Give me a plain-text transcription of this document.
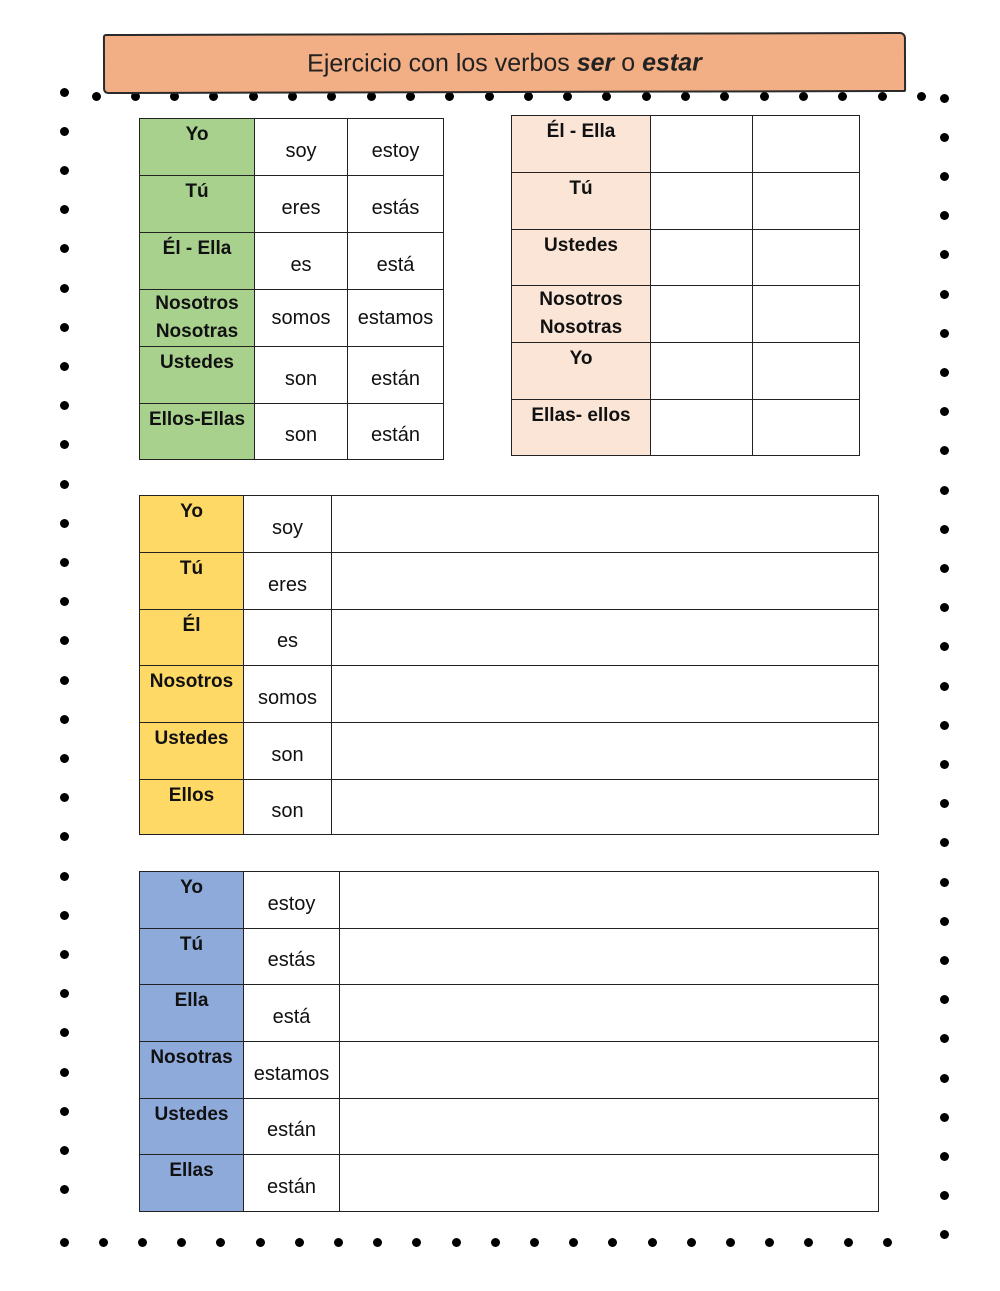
Ejercicio con los verbos ser o estar
Yo	soy	estoy
Tú	eres	estás
Él - Ella	es	está
Nosotros Nosotras	somos	estamos
Ustedes	son	están
Ellos-Ellas	son	están
Él - Ella		
Tú		
Ustedes		
Nosotros Nosotras		
Yo		
Ellas- ellos		
Yo	soy	
Tú	eres	
Él	es	
Nosotros	somos	
Ustedes	son	
Ellos	son	
Yo	estoy	
Tú	estás	
Ella	está	
Nosotras	estamos	
Ustedes	están	
Ellas	están	
